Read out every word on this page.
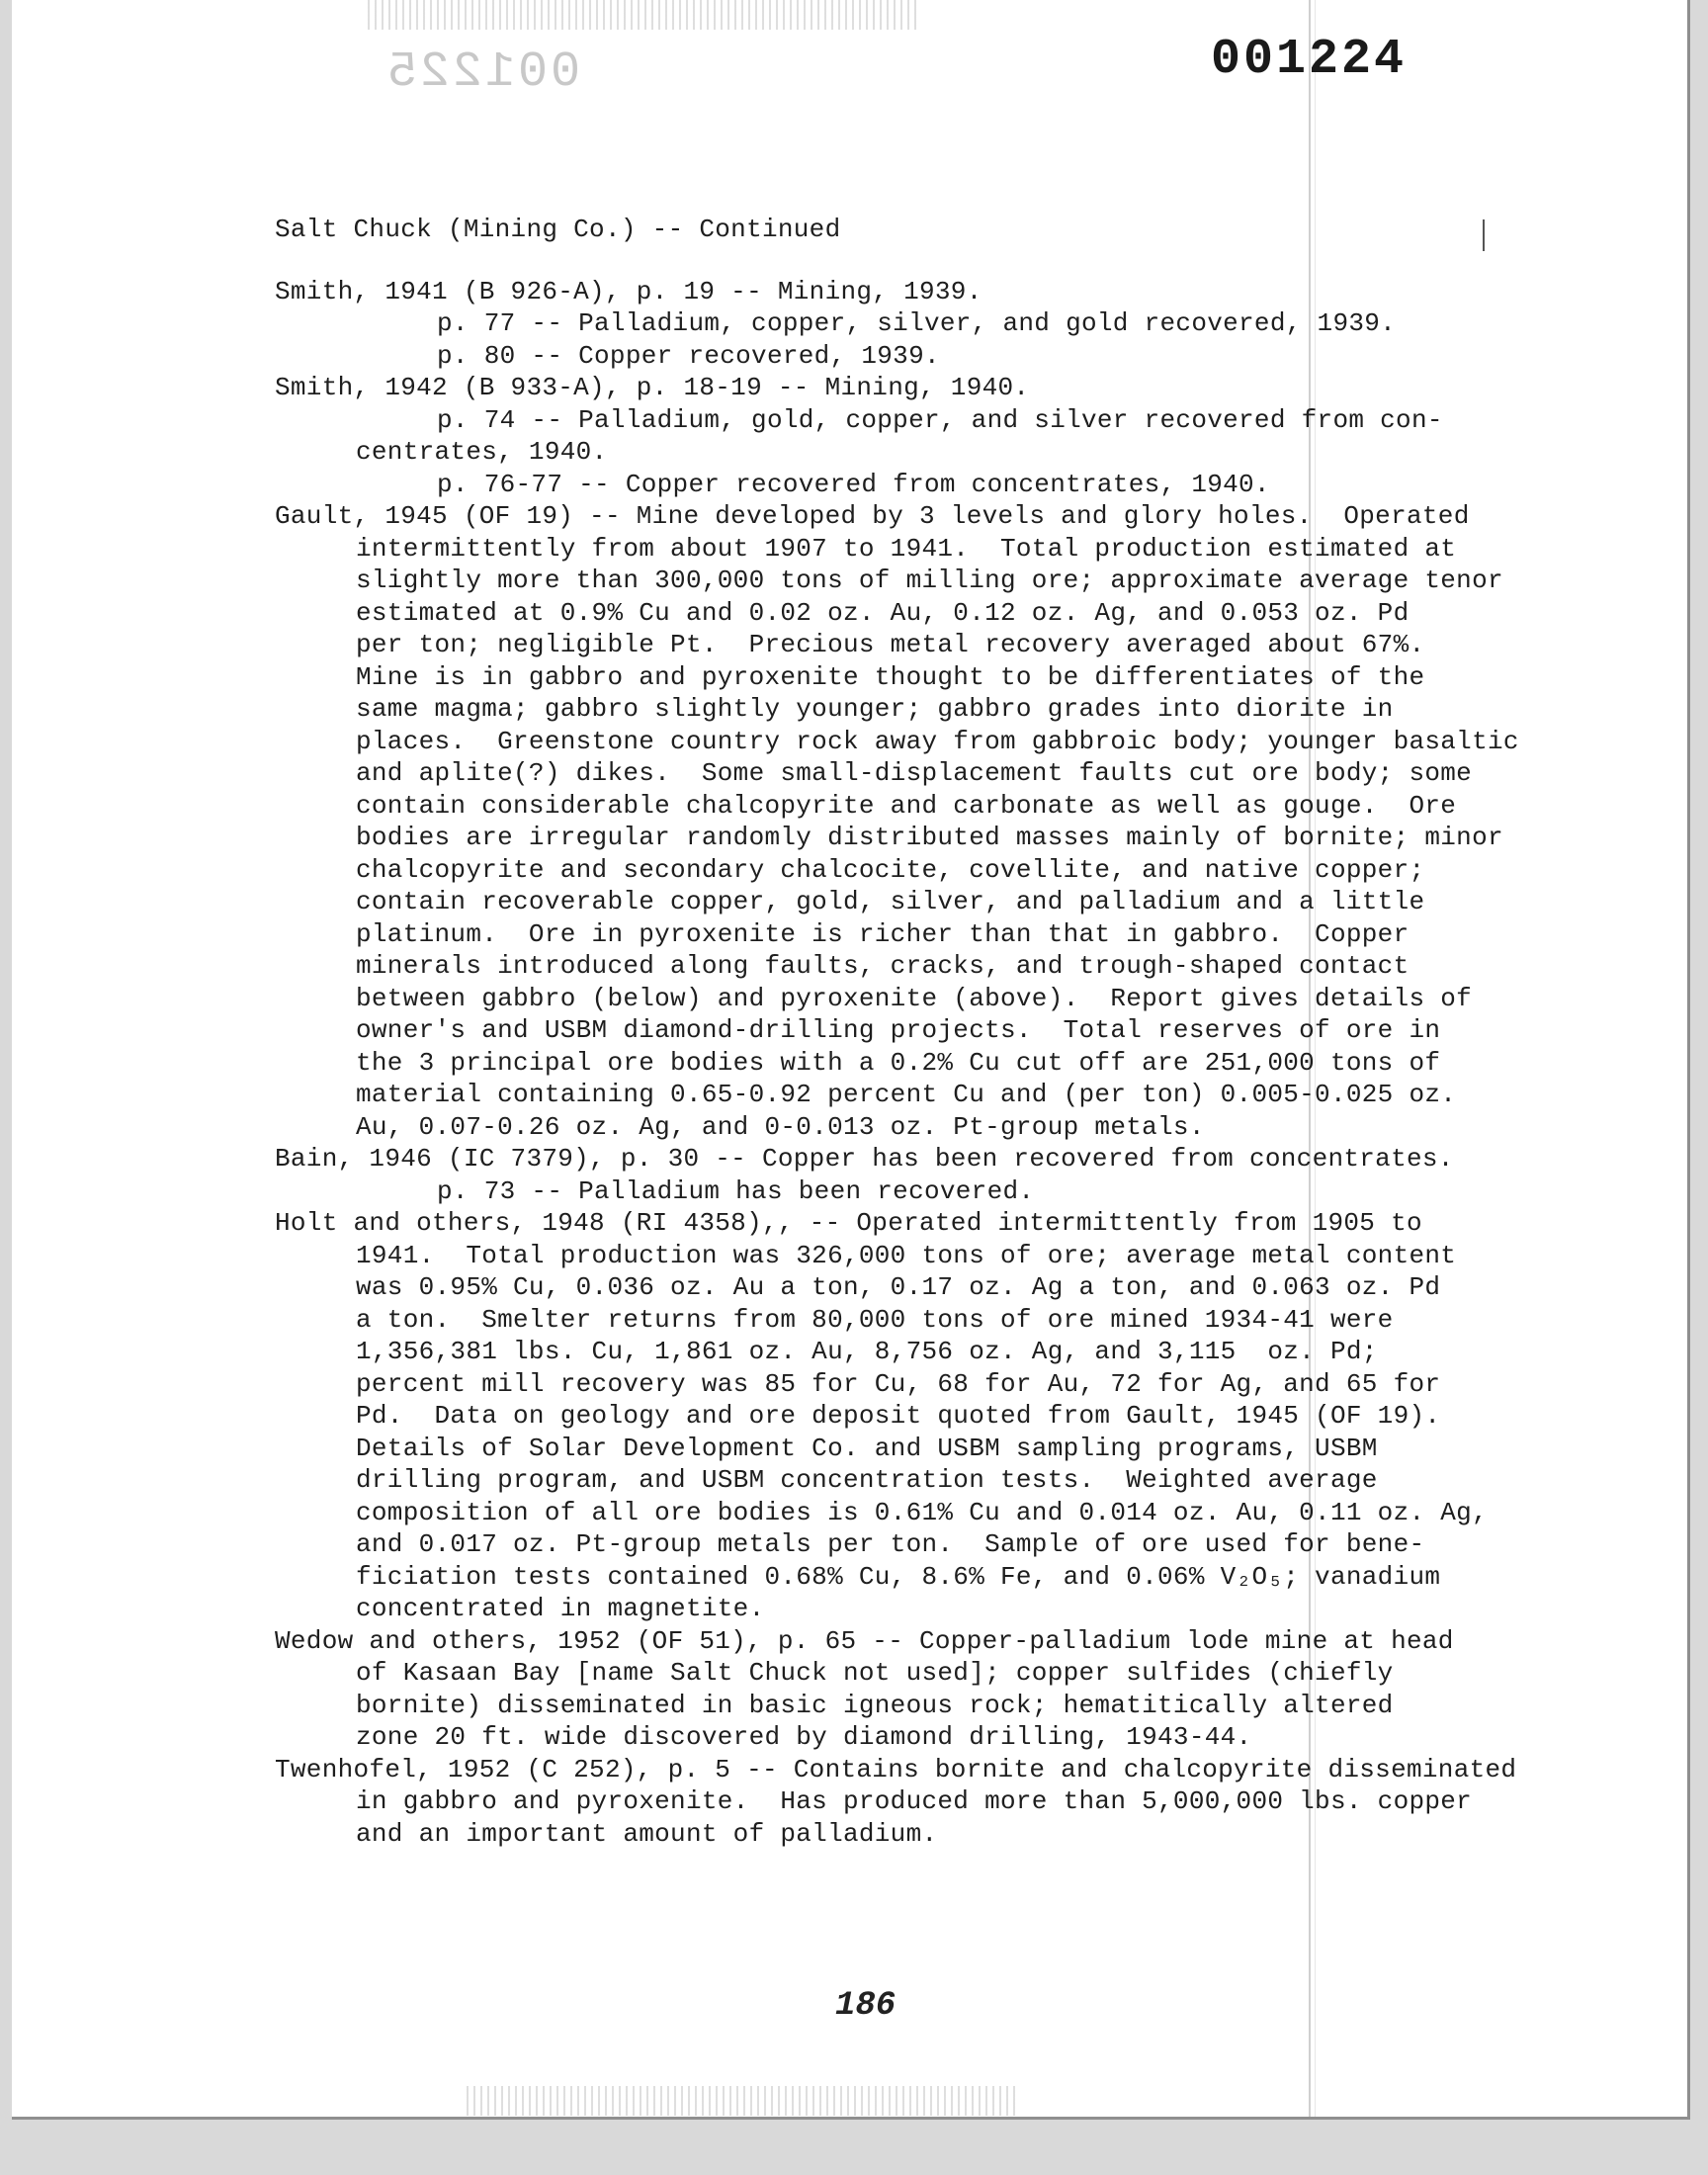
001225	001224
Salt Chuck (Mining Co.) -- Continued
Smith, 1941 (B 926-A), p. 19 -- Mining, 1939.
p. 77 -- Palladium, copper, silver, and gold recovered, 1939.
p. 80 -- Copper recovered, 1939.
Smith, 1942 (B 933-A), p. 18-19 -- Mining, 1940.
p. 74 -- Palladium, gold, copper, and silver recovered from con-
centrates, 1940.
p. 76-77 -- Copper recovered from concentrates, 1940.
Gault, 1945 (OF 19) -- Mine developed by 3 levels and glory holes.  Operated
intermittently from about 1907 to 1941.  Total production estimated at
slightly more than 300,000 tons of milling ore; approximate average tenor
estimated at 0.9% Cu and 0.02 oz. Au, 0.12 oz. Ag, and 0.053 oz. Pd
per ton; negligible Pt.  Precious metal recovery averaged about 67%.
Mine is in gabbro and pyroxenite thought to be differentiates of the
same magma; gabbro slightly younger; gabbro grades into diorite in
places.  Greenstone country rock away from gabbroic body; younger basaltic
and aplite(?) dikes.  Some small-displacement faults cut ore body; some
contain considerable chalcopyrite and carbonate as well as gouge.  Ore
bodies are irregular randomly distributed masses mainly of bornite; minor
chalcopyrite and secondary chalcocite, covellite, and native copper;
contain recoverable copper, gold, silver, and palladium and a little
platinum.  Ore in pyroxenite is richer than that in gabbro.  Copper
minerals introduced along faults, cracks, and trough-shaped contact
between gabbro (below) and pyroxenite (above).  Report gives details of
owner's and USBM diamond-drilling projects.  Total reserves of ore in
the 3 principal ore bodies with a 0.2% Cu cut off are 251,000 tons of
material containing 0.65-0.92 percent Cu and (per ton) 0.005-0.025 oz.
Au, 0.07-0.26 oz. Ag, and 0-0.013 oz. Pt-group metals.
Bain, 1946 (IC 7379), p. 30 -- Copper has been recovered from concentrates.
p. 73 -- Palladium has been recovered.
Holt and others, 1948 (RI 4358),, -- Operated intermittently from 1905 to
1941.  Total production was 326,000 tons of ore; average metal content
was 0.95% Cu, 0.036 oz. Au a ton, 0.17 oz. Ag a ton, and 0.063 oz. Pd
a ton.  Smelter returns from 80,000 tons of ore mined 1934-41 were
1,356,381 lbs. Cu, 1,861 oz. Au, 8,756 oz. Ag, and 3,115  oz. Pd;
percent mill recovery was 85 for Cu, 68 for Au, 72 for Ag, and 65 for
Pd.  Data on geology and ore deposit quoted from Gault, 1945 (OF 19).
Details of Solar Development Co. and USBM sampling programs, USBM
drilling program, and USBM concentration tests.  Weighted average
composition of all ore bodies is 0.61% Cu and 0.014 oz. Au, 0.11 oz. Ag,
and 0.017 oz. Pt-group metals per ton.  Sample of ore used for bene-
ficiation tests contained 0.68% Cu, 8.6% Fe, and 0.06% V₂O₅; vanadium
concentrated in magnetite.
Wedow and others, 1952 (OF 51), p. 65 -- Copper-palladium lode mine at head
of Kasaan Bay [name Salt Chuck not used]; copper sulfides (chiefly
bornite) disseminated in basic igneous rock; hematitically altered
zone 20 ft. wide discovered by diamond drilling, 1943-44.
Twenhofel, 1952 (C 252), p. 5 -- Contains bornite and chalcopyrite disseminated
in gabbro and pyroxenite.  Has produced more than 5,000,000 lbs. copper
and an important amount of palladium.
186
